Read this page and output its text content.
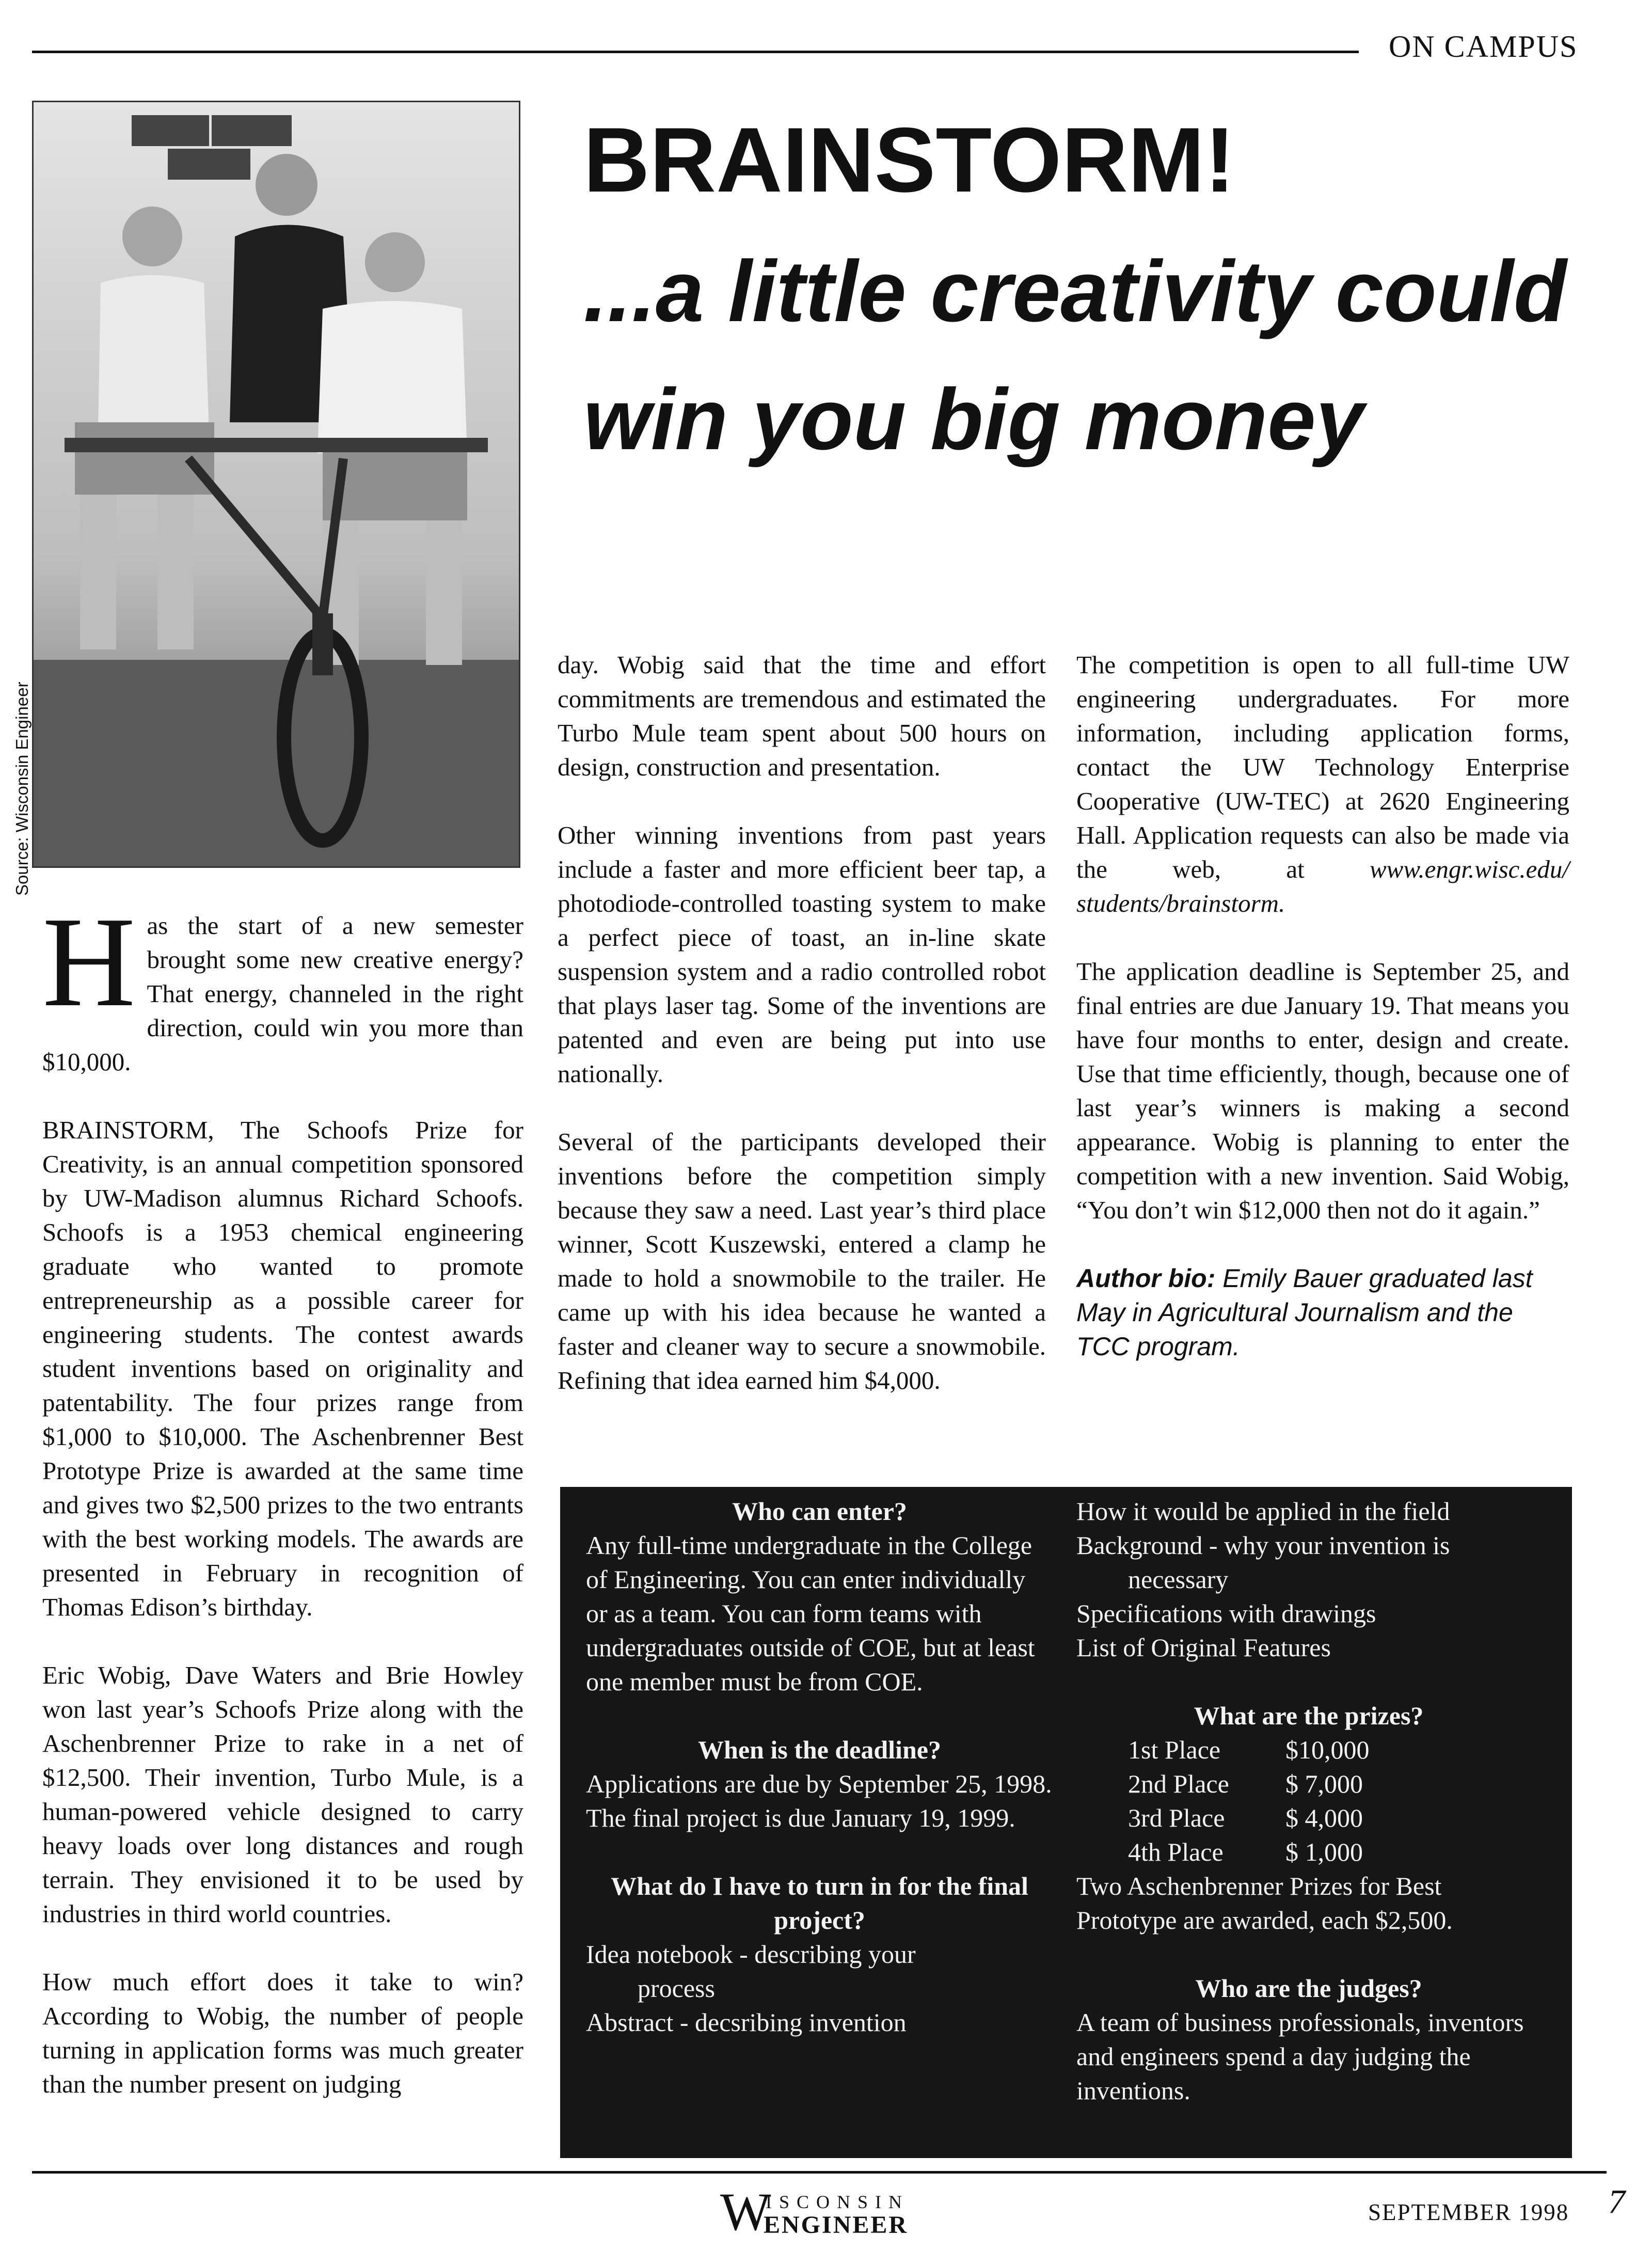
ON CAMPUS
Source: Wisconsin Engineer
BRAINSTORM!
...a little creativity could win you big money

Has the start of a new semester brought some new creative energy? That energy, channeled in the right direction, could win you more than $10,000.

BRAINSTORM, The Schoofs Prize for Creativity, is an annual competition sponsored by UW-Madison alumnus Richard Schoofs. Schoofs is a 1953 chemical engineering graduate who wanted to promote entrepreneurship as a possible career for engineering students. The contest awards student inventions based on originality and patentability. The four prizes range from $1,000 to $10,000. The Aschenbrenner Best Prototype Prize is awarded at the same time and gives two $2,500 prizes to the two entrants with the best working models. The awards are presented in February in recognition of Thomas Edison’s birthday.

Eric Wobig, Dave Waters and Brie Howley won last year’s Schoofs Prize along with the Aschenbrenner Prize to rake in a net of $12,500. Their invention, Turbo Mule, is a human-powered vehicle designed to carry heavy loads over long distances and rough terrain. They envisioned it to be used by industries in third world countries.

How much effort does it take to win? According to Wobig, the number of people turning in application forms was much greater than the number present on judging

day. Wobig said that the time and effort commitments are tremendous and estimated the Turbo Mule team spent about 500 hours on design, construction and presentation.

Other winning inventions from past years include a faster and more efficient beer tap, a photodiode-controlled toasting system to make a perfect piece of toast, an in-line skate suspension system and a radio controlled robot that plays laser tag. Some of the inventions are patented and even are being put into use nationally.

Several of the participants developed their inventions before the competition simply because they saw a need. Last year’s third place winner, Scott Kuszewski, entered a clamp he made to hold a snowmobile to the trailer. He came up with his idea because he wanted a faster and cleaner way to secure a snowmobile. Refining that idea earned him $4,000.

The competition is open to all full-time UW engineering undergraduates. For more information, including application forms, contact the UW Technology Enterprise Cooperative (UW-TEC) at 2620 Engineering Hall. Application requests can also be made via the web, at	www.engr.wisc.edu/ students/brainstorm.

The application deadline is September 25, and final entries are due January 19. That means you have four months to enter, design and create. Use that time efficiently, though, because one of last year’s winners is making a second appearance. Wobig is planning to enter the competition with a new invention. Said Wobig, “You don’t win $12,000 then not do it again.”

Author bio: Emily Bauer graduated last May in Agricultural Journalism and the TCC program.

Who can enter?
Any full-time undergraduate in the College of Engineering. You can enter individually or as a team. You can form teams with undergraduates outside of COE, but at least one member must be from COE.
When is the deadline?
Applications are due by September 25, 1998. The final project is due January 19, 1999.
What do I have to turn in for the final project?
Idea notebook - describing your
process
Abstract - decsribing invention
How it would be applied in the field
Background - why your invention is
necessary
Specifications with drawings
List of Original Features
What are the prizes?
1st Place	$10,000
2nd Place	$ 7,000
3rd Place	$ 4,000
4th Place	$ 1,000
Two Aschenbrenner Prizes for Best Prototype are awarded, each $2,500.
Who are the judges?
A team of business professionals, inventors and engineers spend a day judging the inventions.
W
ISCONSIN
ENGINEER	SEPTEMBER 1998 7
